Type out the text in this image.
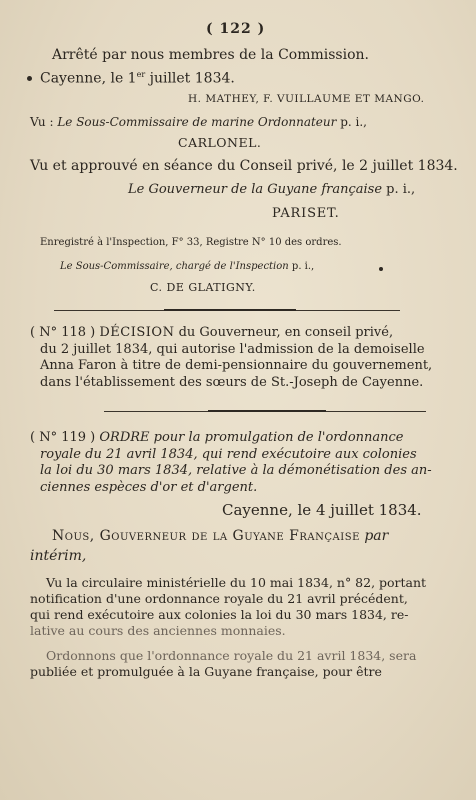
( 122 )
Arrêté par nous membres de la Commission.
Cayenne, le 1er juillet 1834.
H. MATHEY, F. VUILLAUME ET MANGO.
Vu : Le Sous-Commissaire de marine Ordonnateur p. i.,
CARLONEL.
Vu et approuvé en séance du Conseil privé, le 2 juillet 1834.
Le Gouverneur de la Guyane française p. i.,
PARISET.
Enregistré à l'Inspection, F° 33, Registre N° 10 des ordres.
Le Sous-Commissaire, chargé de l'Inspection p. i.,
C. DE GLATIGNY.

( N° 118 ) DÉCISION du Gouverneur, en conseil privé,

du 2 juillet 1834, qui autorise l'admission de la demoiselle

Anna Faron à titre de demi-pensionnaire du gouvernement,

dans l'établissement des sœurs de St.-Joseph de Cayenne.

( N° 119 ) ORDRE pour la promulgation de l'ordonnance

royale du 21 avril 1834, qui rend exécutoire aux colonies

la loi du 30 mars 1834, relative à la démonétisation des an-

ciennes espèces d'or et d'argent.

Cayenne, le 4 juillet 1834.
Nous, Gouverneur de la Guyane Française par
intérim,

Vu la circulaire ministérielle du 10 mai 1834, n° 82, portant

notification d'une ordonnance royale du 21 avril précédent,

qui rend exécutoire aux colonies la loi du 30 mars 1834, re-

lative au cours des anciennes monnaies.

Ordonnons que l'ordonnance royale du 21 avril 1834, sera

publiée et promulguée à la Guyane française, pour être
